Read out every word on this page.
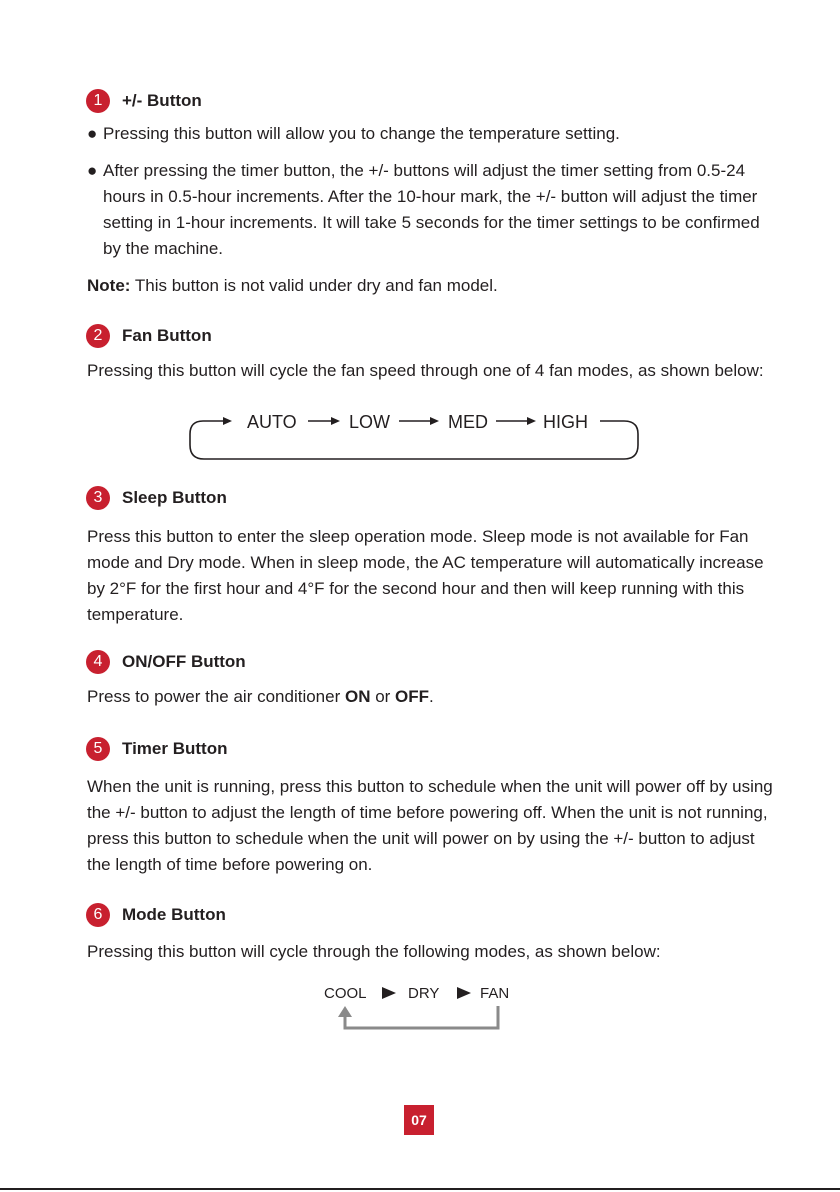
1	+/- Button
● Pressing this button will allow you to change the temperature setting.
● After pressing the timer button, the +/- buttons will adjust the timer setting from 0.5-24 hours in 0.5-hour increments. After the 10-hour mark, the +/- button will adjust the timer setting in 1-hour increments. It will take 5 seconds for the timer settings to be confirmed by the machine.

Note: This button is not valid under dry and fan model.

2	Fan Button

Pressing this button will cycle the fan speed through one of 4 fan modes, as shown below:

AUTO	LOW	MED	HIGH
3	Sleep Button

Press this button to enter the sleep operation mode. Sleep mode is not available for Fan mode and Dry mode. When in sleep mode, the AC temperature will automatically increase by 2°F for the first hour and 4°F for the second hour and then will keep running with this temperature.

4	ON/OFF Button

Press to power the air conditioner ON or OFF.

5	Timer Button

When the unit is running, press this button to schedule when the unit will power off by using the +/- button to adjust the length of time before powering off. When the unit is not running, press this button to schedule when the unit will power on by using the +/- button to adjust the length of time before powering on.

6	Mode Button

Pressing this button will cycle through the following modes, as shown below:

COOL	DRY	FAN
07
